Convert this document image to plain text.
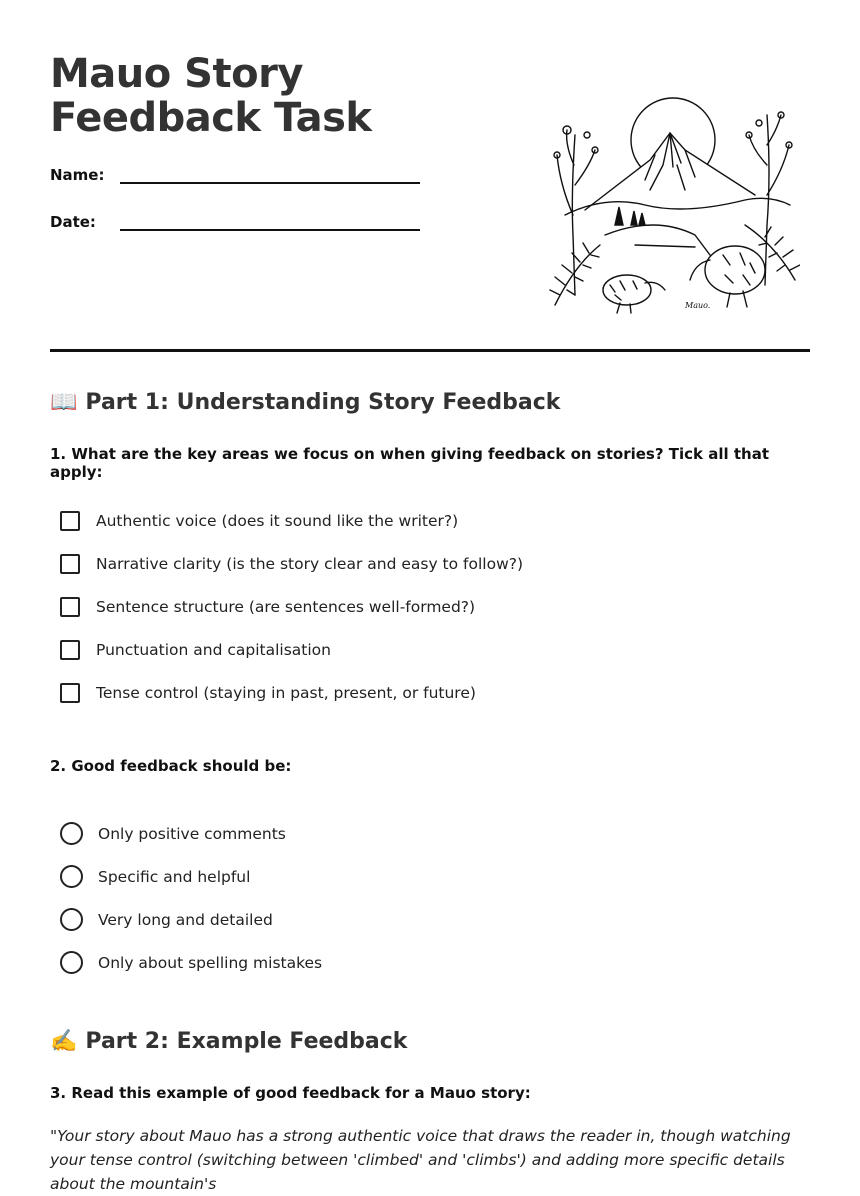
Mauo Story Feedback Task
Name:
Date:
Mauo.
📖 Part 1: Understanding Story Feedback

1. What are the key areas we focus on when giving feedback on stories? Tick all that apply:

Authentic voice (does it sound like the writer?)
Narrative clarity (is the story clear and easy to follow?)
Sentence structure (are sentences well-formed?)
Punctuation and capitalisation
Tense control (staying in past, present, or future)

2. Good feedback should be:

Only positive comments
Specific and helpful
Very long and detailed
Only about spelling mistakes
✍️ Part 2: Example Feedback

3. Read this example of good feedback for a Mauo story:

"Your story about Mauo has a strong authentic voice that draws the reader in, though watching your tense control (switching between 'climbed' and 'climbs') and adding more specific details about the mountain's
